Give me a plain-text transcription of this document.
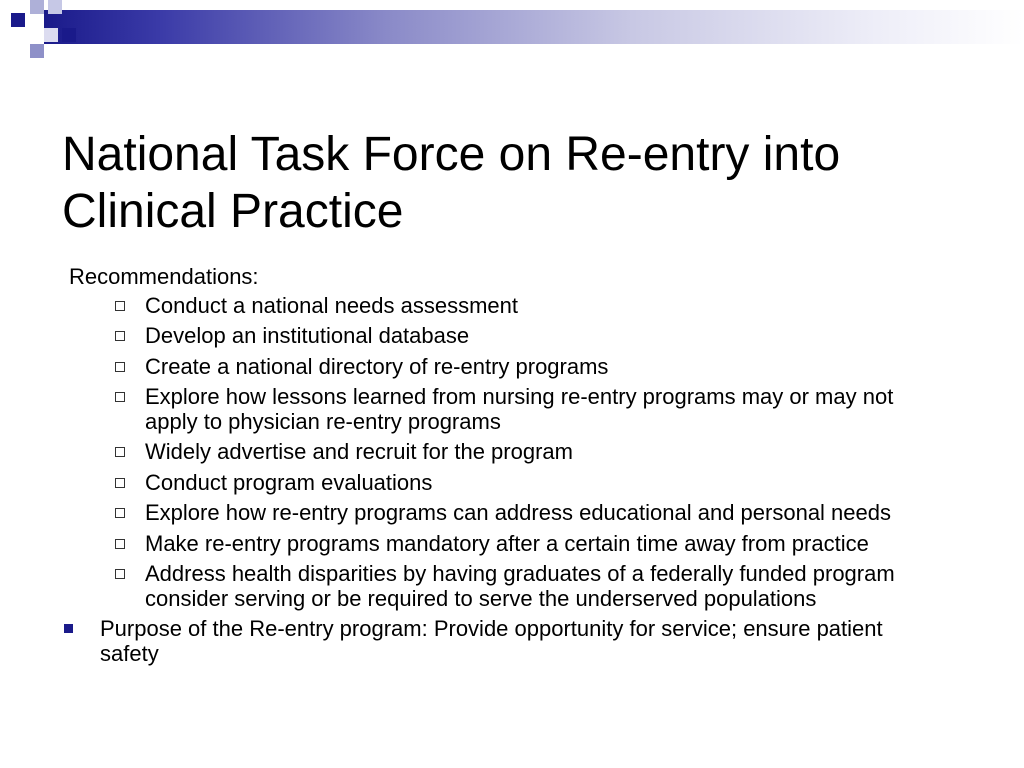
National Task Force on Re-entry into Clinical Practice

Recommendations:

Conduct a national needs assessment
Develop an institutional database
Create a national directory of re-entry programs
Explore how lessons learned from nursing re-entry programs may or may not apply to physician re-entry programs
Widely advertise and recruit for the program
Conduct program evaluations
Explore how re-entry programs can address educational and personal needs
Make re-entry programs mandatory after a certain time away from practice
Address health disparities by having graduates of a federally funded program consider serving or be required to serve the underserved populations
Purpose of the Re-entry program: Provide opportunity for service; ensure patient safety
